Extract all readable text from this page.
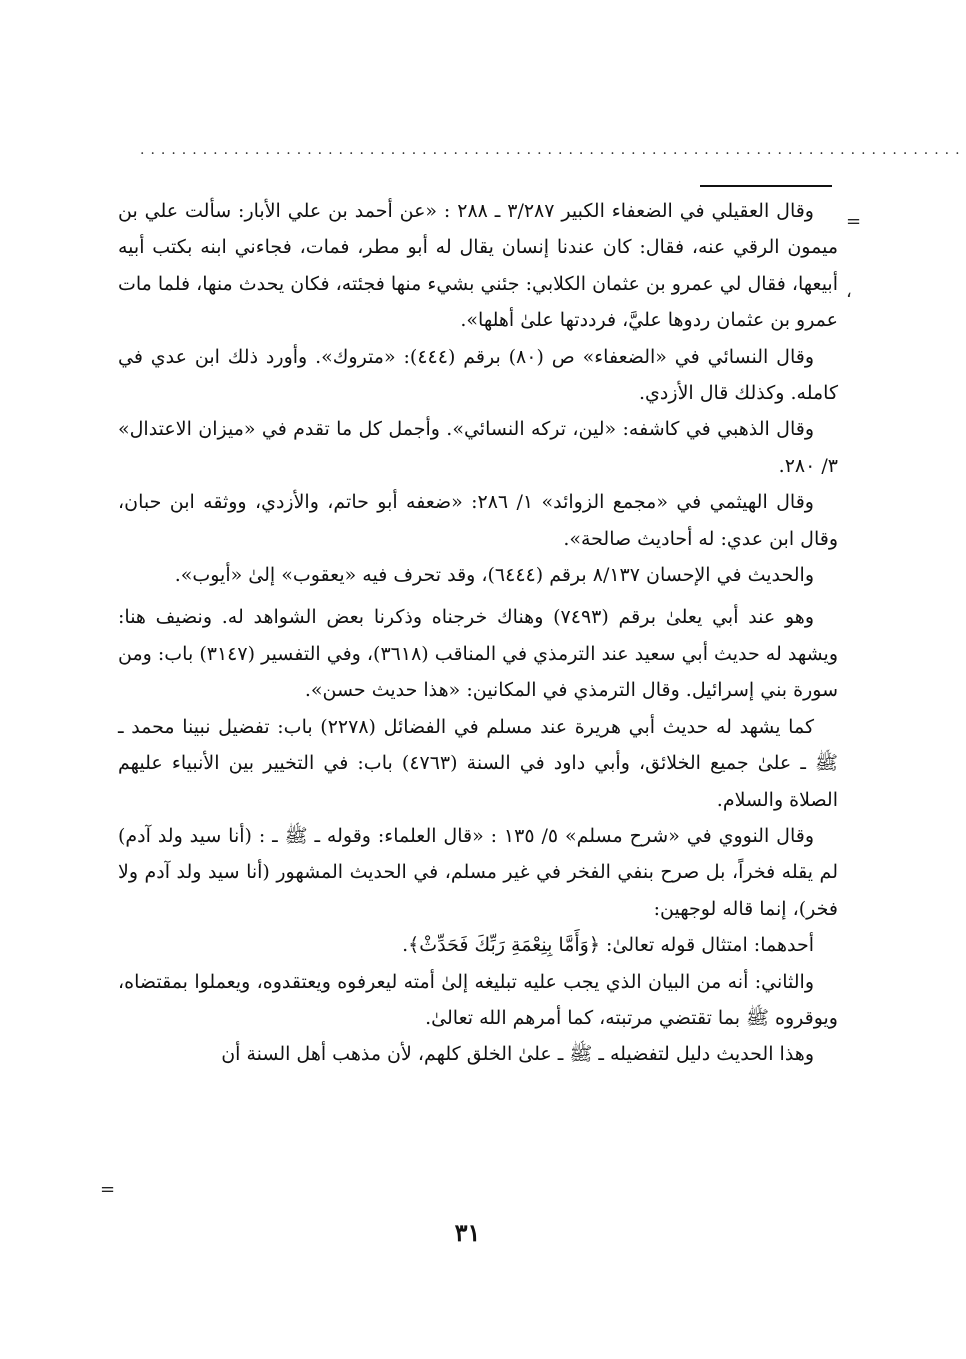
...............................................................................
=
،

وقال العقيلي في الضعفاء الكبير ٣/٢٨٧ ـ ٢٨٨ : «عن أحمد بن علي الأبار: سألت علي بن ميمون الرقي عنه، فقال: كان عندنا إنسان يقال له أبو مطر، فمات، فجاءني ابنه بكتب أبيه أبيعها، فقال لي عمرو بن عثمان الكلابي: جئني بشيء منها فجئته، فكان يحدث منها، فلما مات عمرو بن عثمان ردوها عليَّ، فرددتها علىٰ أهلها».

وقال النسائي في «الضعفاء» ص (٨٠) برقم (٤٤٤): «متروك». وأورد ذلك ابن عدي في كامله. وكذلك قال الأزدي.

وقال الذهبي في كاشفه: «لين، تركه النسائي». وأجمل كل ما تقدم في «ميزان الاعتدال» ٣/ ٢٨٠.

وقال الهيثمي في «مجمع الزوائد» ١/ ٢٨٦: «ضعفه أبو حاتم، والأزدي، ووثقه ابن حبان، وقال ابن عدي: له أحاديث صالحة».

والحديث في الإحسان ٨/١٣٧ برقم (٦٤٤٤)، وقد تحرف فيه «يعقوب» إلىٰ «أيوب».

وهو عند أبي يعلىٰ برقم (٧٤٩٣) وهناك خرجناه وذكرنا بعض الشواهد له. ونضيف هنا: ويشهد له حديث أبي سعيد عند الترمذي في المناقب (٣٦١٨)، وفي التفسير (٣١٤٧) باب: ومن سورة بني إسرائيل. وقال الترمذي في المكانين: «هذا حديث حسن».

كما يشهد له حديث أبي هريرة عند مسلم في الفضائل (٢٢٧٨) باب: تفضيل نبينا محمد ـ ﷺ ـ علىٰ جميع الخلائق، وأبي داود في السنة (٤٧٦٣) باب: في التخيير بين الأنبياء عليهم الصلاة والسلام.

وقال النووي في «شرح مسلم» ٥/ ١٣٥ : «قال العلماء: وقوله ـ ﷺ ـ : (أنا سيد ولد آدم) لم يقله فخراً، بل صرح بنفي الفخر في غير مسلم، في الحديث المشهور (أنا سيد ولد آدم ولا فخر)، إنما قاله لوجهين:

أحدهما: امتثال قوله تعالىٰ: ﴿وَأَمَّا بِنِعْمَةِ رَبِّكَ فَحَدِّثْ﴾.

والثاني: أنه من البيان الذي يجب عليه تبليغه إلىٰ أمته ليعرفوه ويعتقدوه، ويعملوا بمقتضاه، ويوقروه ﷺ بما تقتضي مرتبته، كما أمرهم الله تعالىٰ.

وهذا الحديث دليل لتفضيله ـ ﷺ ـ علىٰ الخلق كلهم، لأن مذهب أهل السنة أن

=
٣١
